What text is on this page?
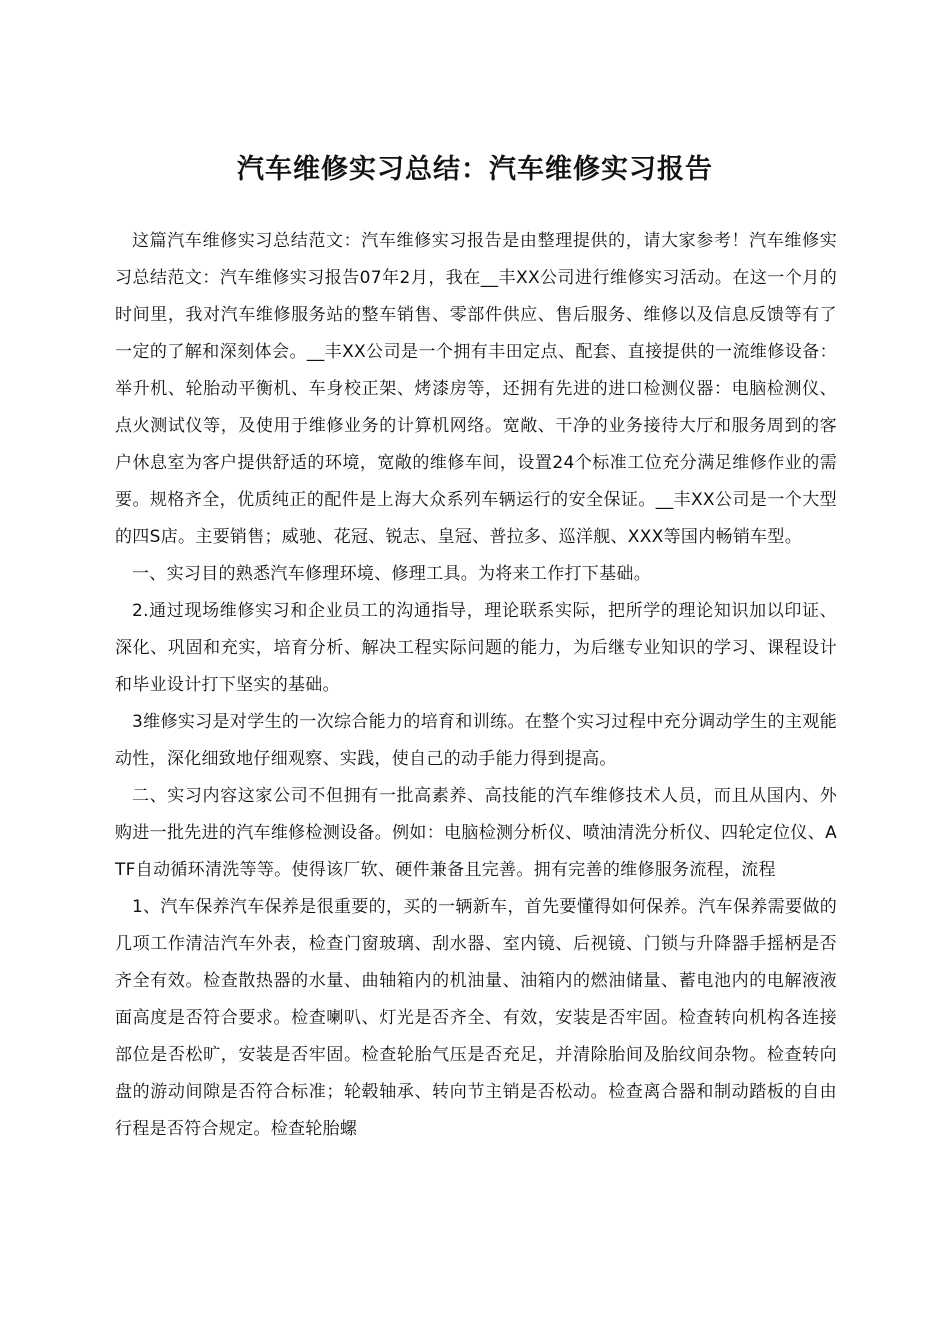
汽车维修实习总结：汽车维修实习报告

这篇汽车维修实习总结范文：汽车维修实习报告是由整理提供的，请大家参考！汽车维修实习总结范文：汽车维修实习报告07年2月，我在__丰XX公司进行维修实习活动。在这一个月的时间里，我对汽车维修服务站的整车销售、零部件供应、售后服务、维修以及信息反馈等有了一定的了解和深刻体会。__丰XX公司是一个拥有丰田定点、配套、直接提供的一流维修设备：举升机、轮胎动平衡机、车身校正架、烤漆房等，还拥有先进的进口检测仪器：电脑检测仪、点火测试仪等，及使用于维修业务的计算机网络。宽敞、干净的业务接待大厅和服务周到的客户休息室为客户提供舒适的环境，宽敞的维修车间，设置24个标准工位充分满足维修作业的需要。规格齐全，优质纯正的配件是上海大众系列车辆运行的安全保证。__丰XX公司是一个大型的四S店。主要销售；威驰、花冠、锐志、皇冠、普拉多、巡洋舰、XXX等国内畅销车型。

一、实习目的熟悉汽车修理环境、修理工具。为将来工作打下基础。

2.通过现场维修实习和企业员工的沟通指导，理论联系实际，把所学的理论知识加以印证、深化、巩固和充实，培育分析、解决工程实际问题的能力，为后继专业知识的学习、课程设计和毕业设计打下坚实的基础。

3维修实习是对学生的一次综合能力的培育和训练。在整个实习过程中充分调动学生的主观能动性，深化细致地仔细观察、实践，使自己的动手能力得到提高。

二、实习内容这家公司不但拥有一批高素养、高技能的汽车维修技术人员，而且从国内、外购进一批先进的汽车维修检测设备。例如：电脑检测分析仪、喷油清洗分析仪、四轮定位仪、ATF自动循环清洗等等。使得该厂软、硬件兼备且完善。拥有完善的维修服务流程，流程

1、汽车保养汽车保养是很重要的，买的一辆新车，首先要懂得如何保养。汽车保养需要做的几项工作清洁汽车外表，检查门窗玻璃、刮水器、室内镜、后视镜、门锁与升降器手摇柄是否齐全有效。检查散热器的水量、曲轴箱内的机油量、油箱内的燃油储量、蓄电池内的电解液液面高度是否符合要求。检查喇叭、灯光是否齐全、有效，安装是否牢固。检查转向机构各连接部位是否松旷，安装是否牢固。检查轮胎气压是否充足，并清除胎间及胎纹间杂物。检查转向盘的游动间隙是否符合标准；轮毂轴承、转向节主销是否松动。检查离合器和制动踏板的自由行程是否符合规定。检查轮胎螺
